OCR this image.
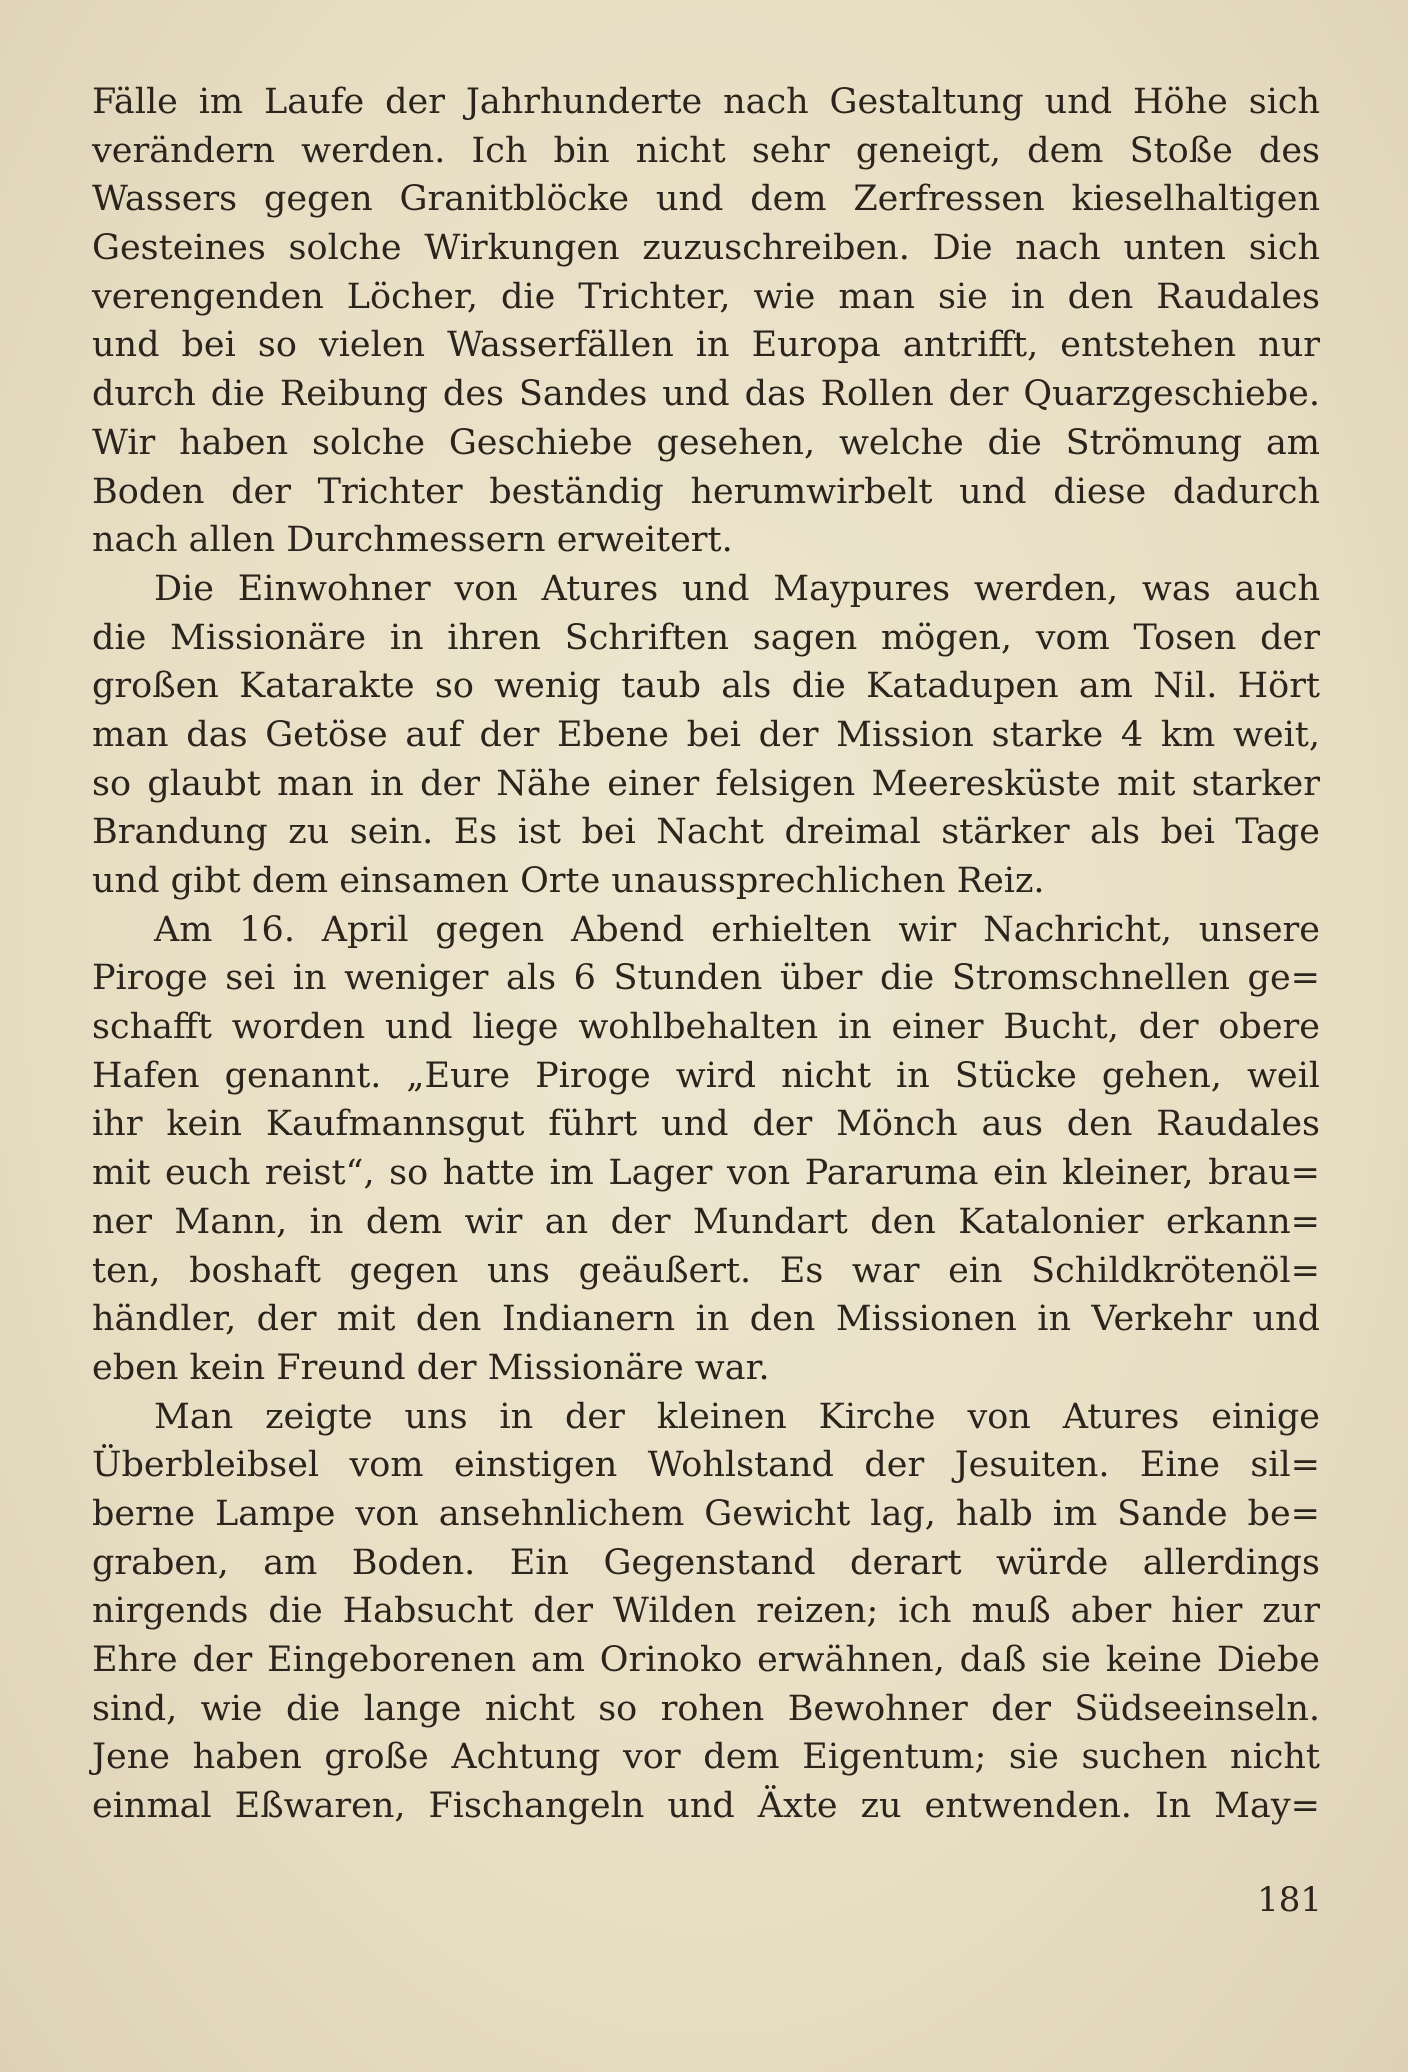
Fälle im Laufe der Jahrhunderte nach Gestaltung und Höhe sich
verändern werden. Ich bin nicht sehr geneigt, dem Stoße des
Wassers gegen Granitblöcke und dem Zerfressen kieselhaltigen
Gesteines solche Wirkungen zuzuschreiben. Die nach unten sich
verengenden Löcher, die Trichter, wie man sie in den Raudales
und bei so vielen Wasserfällen in Europa antrifft, entstehen nur
durch die Reibung des Sandes und das Rollen der Quarzgeschiebe.
Wir haben solche Geschiebe gesehen, welche die Strömung am
Boden der Trichter beständig herumwirbelt und diese dadurch
nach allen Durchmessern erweitert.
Die Einwohner von Atures und Maypures werden, was auch
die Missionäre in ihren Schriften sagen mögen, vom Tosen der
großen Katarakte so wenig taub als die Katadupen am Nil. Hört
man das Getöse auf der Ebene bei der Mission starke 4 km weit,
so glaubt man in der Nähe einer felsigen Meeresküste mit starker
Brandung zu sein. Es ist bei Nacht dreimal stärker als bei Tage
und gibt dem einsamen Orte unaussprechlichen Reiz.
Am 16. April gegen Abend erhielten wir Nachricht, unsere
Piroge sei in weniger als 6 Stunden über die Stromschnellen ge=
schafft worden und liege wohlbehalten in einer Bucht, der obere
Hafen genannt. „Eure Piroge wird nicht in Stücke gehen, weil
ihr kein Kaufmannsgut führt und der Mönch aus den Raudales
mit euch reist“, so hatte im Lager von Pararuma ein kleiner, brau=
ner Mann, in dem wir an der Mundart den Katalonier erkann=
ten, boshaft gegen uns geäußert. Es war ein Schildkrötenöl=
händler, der mit den Indianern in den Missionen in Verkehr und
eben kein Freund der Missionäre war.
Man zeigte uns in der kleinen Kirche von Atures einige
Überbleibsel vom einstigen Wohlstand der Jesuiten. Eine sil=
berne Lampe von ansehnlichem Gewicht lag, halb im Sande be=
graben, am Boden. Ein Gegenstand derart würde allerdings
nirgends die Habsucht der Wilden reizen; ich muß aber hier zur
Ehre der Eingeborenen am Orinoko erwähnen, daß sie keine Diebe
sind, wie die lange nicht so rohen Bewohner der Südseeinseln.
Jene haben große Achtung vor dem Eigentum; sie suchen nicht
einmal Eßwaren, Fischangeln und Äxte zu entwenden. In May=
181
